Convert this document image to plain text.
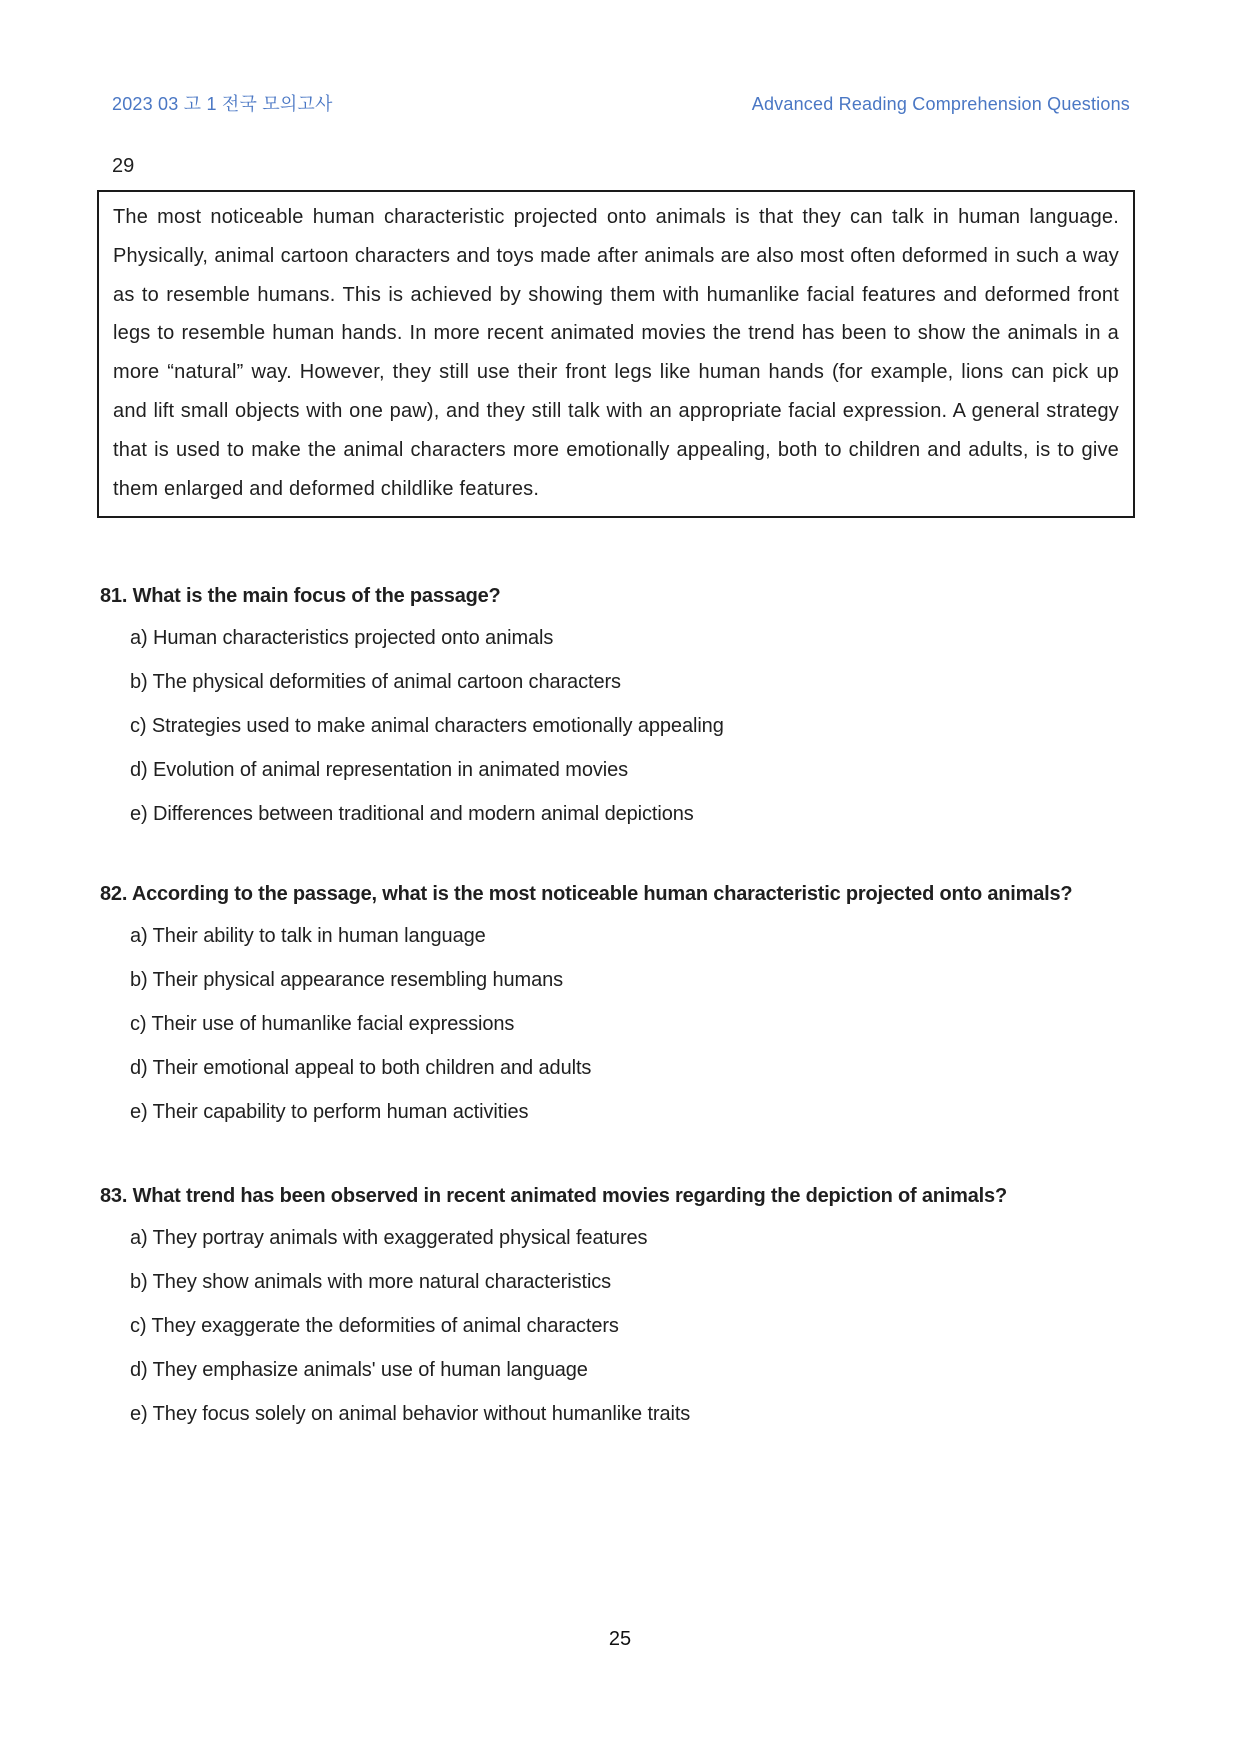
2023 03 고 1 전국 모의고사	Advanced Reading Comprehension Questions
29
The most noticeable human characteristic projected onto animals is that they can talk in human language. Physically, animal cartoon characters and toys made after animals are also most often deformed in such a way as to resemble humans. This is achieved by showing them with humanlike facial features and deformed front legs to resemble human hands. In more recent animated movies the trend has been to show the animals in a more “natural” way. However, they still use their front legs like human hands (for example, lions can pick up and lift small objects with one paw), and they still talk with an appropriate facial expression. A general strategy that is used to make the animal characters more emotionally appealing, both to children and adults, is to give them enlarged and deformed childlike features.

81. What is the main focus of the passage?

a) Human characteristics projected onto animals

b) The physical deformities of animal cartoon characters

c) Strategies used to make animal characters emotionally appealing

d) Evolution of animal representation in animated movies

e) Differences between traditional and modern animal depictions

82. According to the passage, what is the most noticeable human characteristic projected onto animals?

a) Their ability to talk in human language

b) Their physical appearance resembling humans

c) Their use of humanlike facial expressions

d) Their emotional appeal to both children and adults

e) Their capability to perform human activities

83. What trend has been observed in recent animated movies regarding the depiction of animals?

a) They portray animals with exaggerated physical features

b) They show animals with more natural characteristics

c) They exaggerate the deformities of animal characters

d) They emphasize animals' use of human language

e) They focus solely on animal behavior without humanlike traits

25
